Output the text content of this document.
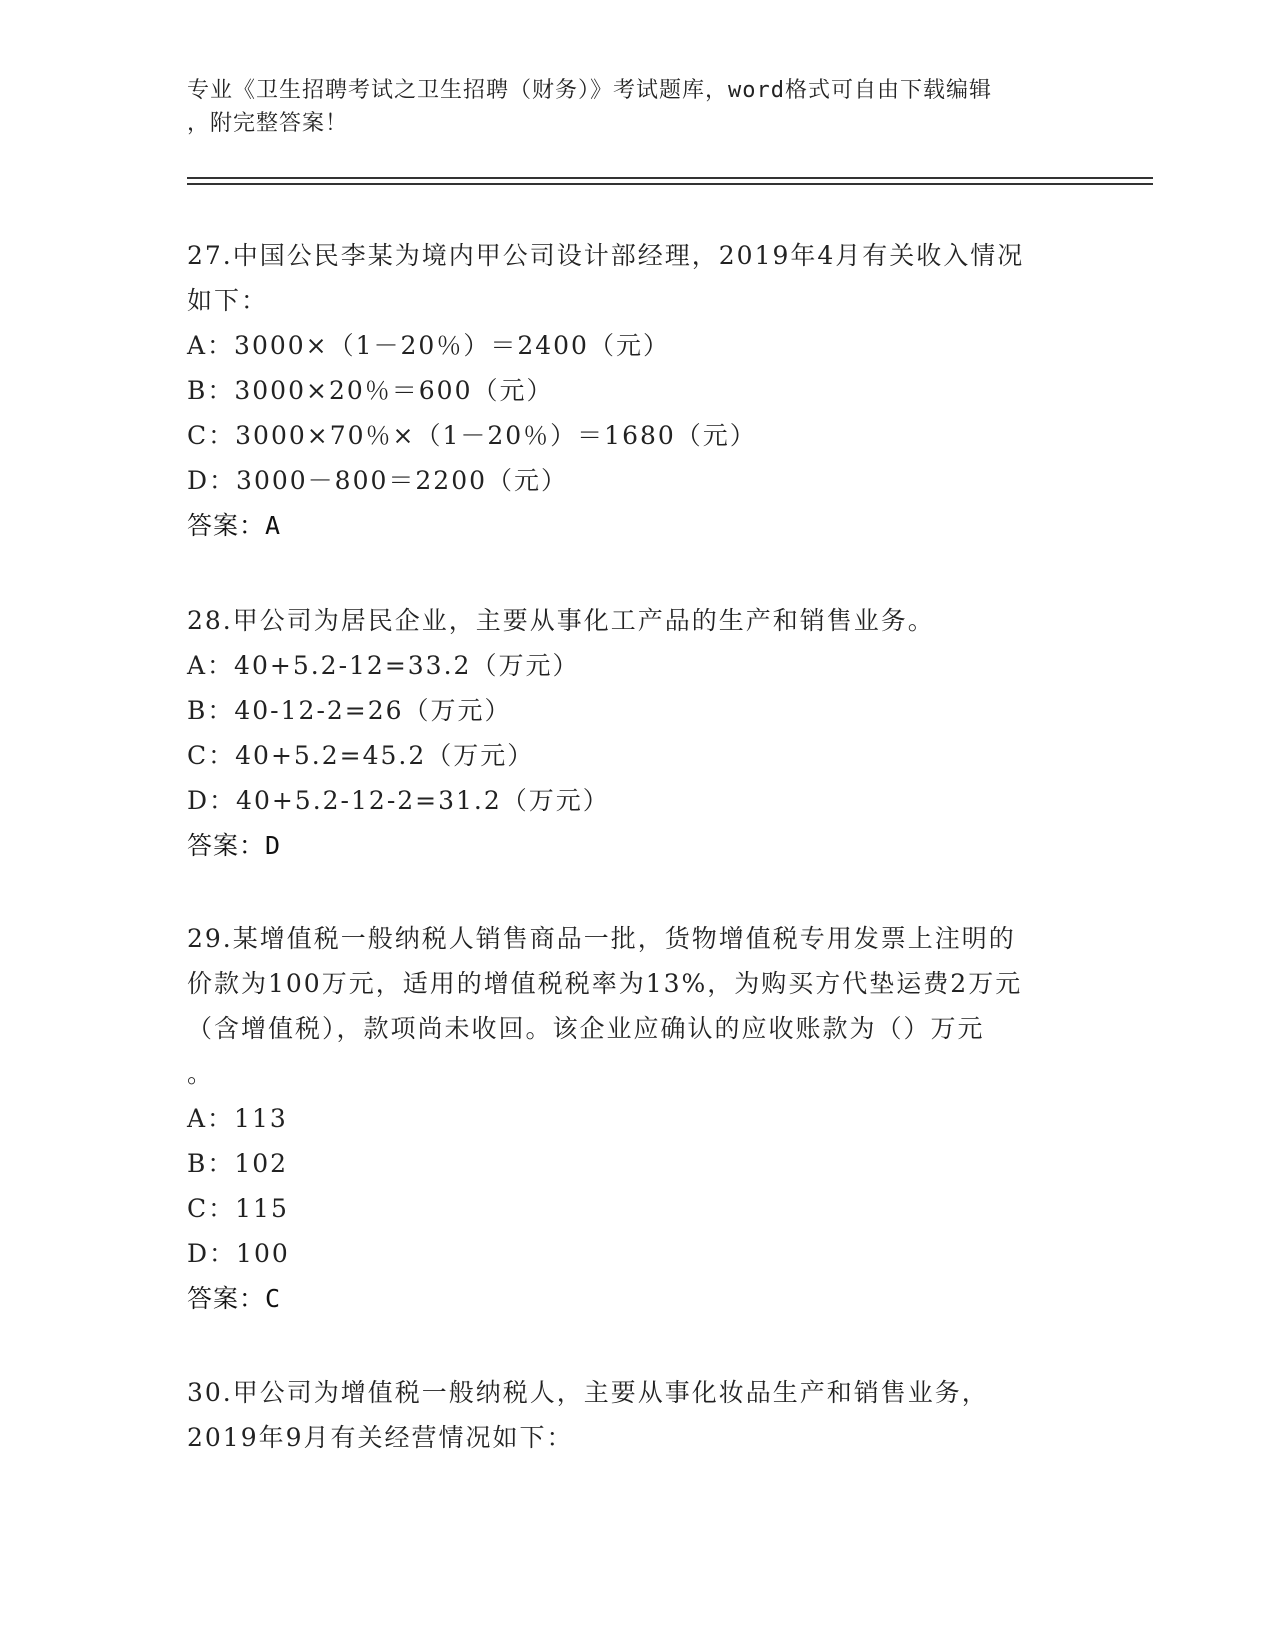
专业《卫生招聘考试之卫生招聘（财务）》考试题库，word格式可自由下载编辑
，附完整答案！
27.中国公民李某为境内甲公司设计部经理，2019年4月有关收入情况
如下：
A：3000×（1－20％）＝2400（元）
B：3000×20％＝600（元）
C：3000×70％×（1－20％）＝1680（元）
D：3000－800＝2200（元）
答案：A
28.甲公司为居民企业，主要从事化工产品的生产和销售业务。
A：40+5.2-12=33.2（万元）
B：40-12-2=26（万元）
C：40+5.2=45.2（万元）
D：40+5.2-12-2=31.2（万元）
答案：D
29.某增值税一般纳税人销售商品一批，货物增值税专用发票上注明的
价款为100万元，适用的增值税税率为13%，为购买方代垫运费2万元
（含增值税），款项尚未收回。该企业应确认的应收账款为（）万元
。
A：113
B：102
C：115
D：100
答案：C
30.甲公司为增值税一般纳税人，主要从事化妆品生产和销售业务，
2019年9月有关经营情况如下：
